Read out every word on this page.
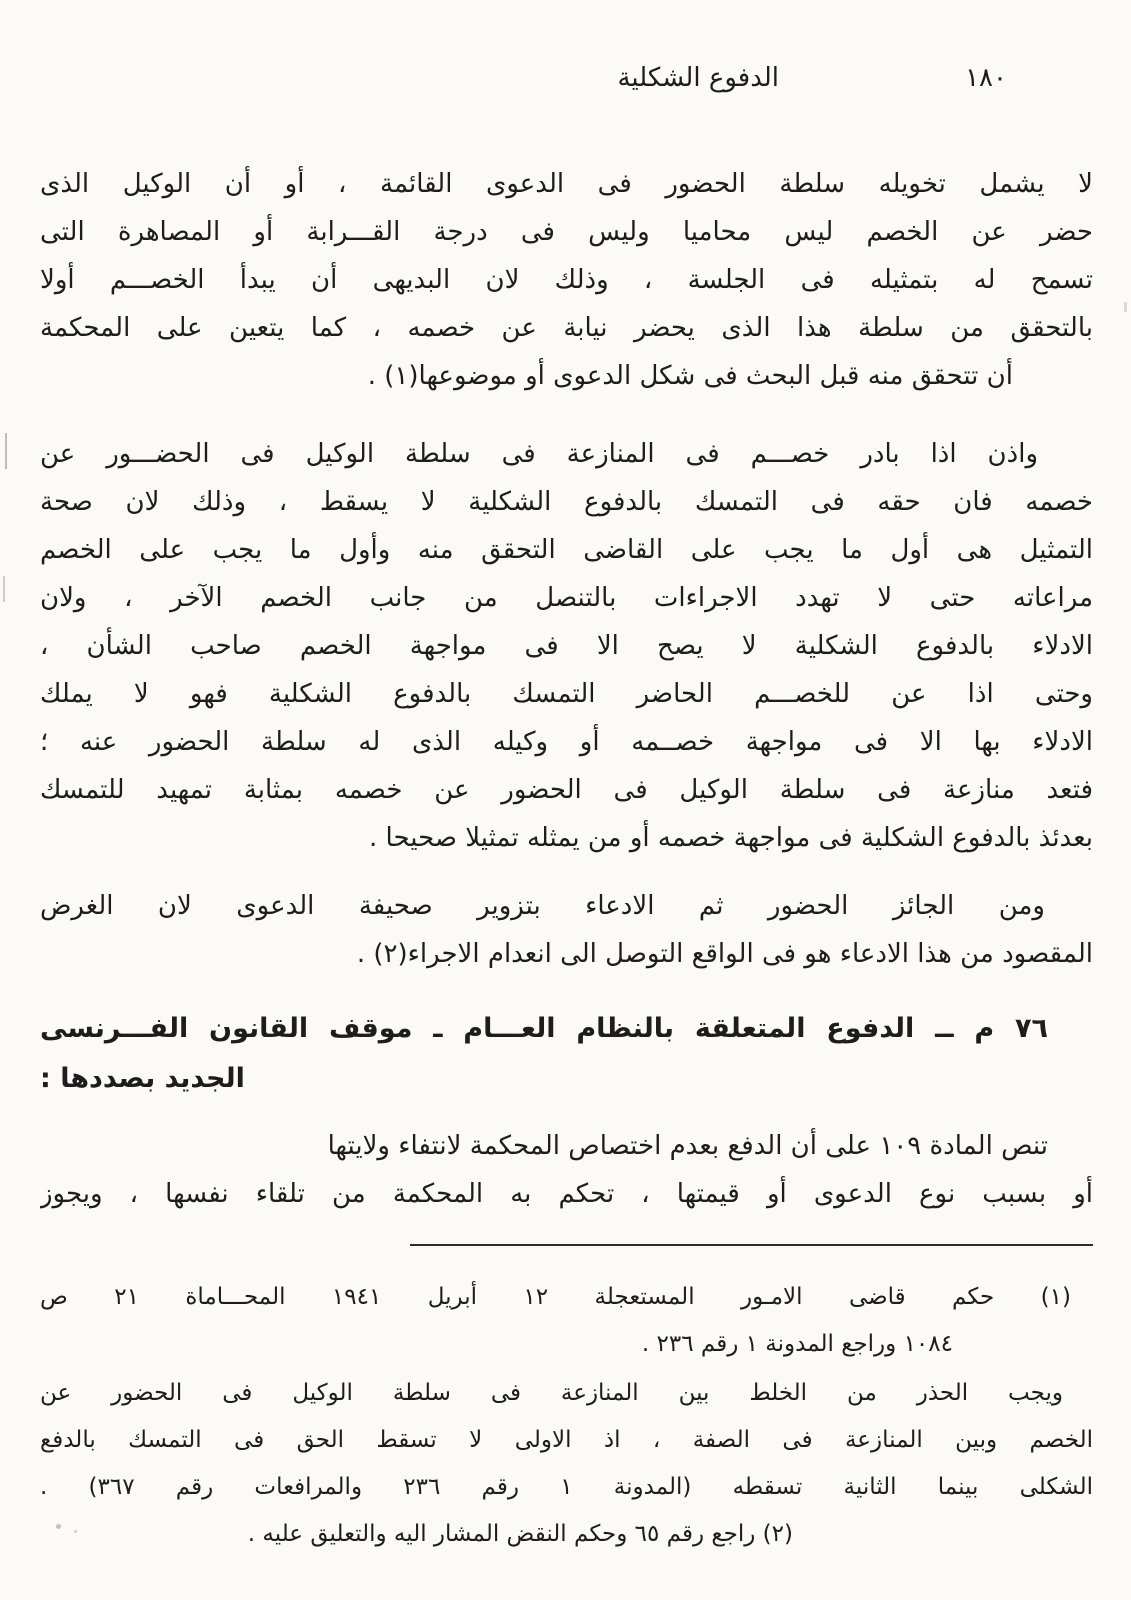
الدفوع الشكلية	١٨٠
لا يشمل تخويله سلطة الحضور فى الدعوى القائمة ، أو أن الوكيل الذى
حضر عن الخصم ليس محاميا وليس فى درجة القـــرابة أو المصاهرة التى
تسمح له بتمثيله فى الجلسة ، وذلك لان البديهى أن يبدأ الخصـــم أولا
بالتحقق من سلطة هذا الذى يحضر نيابة عن خصمه ، كما يتعين على المحكمة
أن تتحقق منه قبل البحث فى شكل الدعوى أو موضوعها(١) .
واذن اذا بادر خصـــم فى المنازعة فى سلطة الوكيل فى الحضـــور عن
خصمه فان حقه فى التمسك بالدفوع الشكلية لا يسقط ، وذلك لان صحة
التمثيل هى أول ما يجب على القاضى التحقق منه وأول ما يجب على الخصم
مراعاته حتى لا تهدد الاجراءات بالتنصل من جانب الخصم الآخر ، ولان
الادلاء بالدفوع الشكلية لا يصح الا فى مواجهة الخصم صاحب الشأن ،
وحتى اذا عن للخصـــم الحاضر التمسك بالدفوع الشكلية فهو لا يملك
الادلاء بها الا فى مواجهة خصــمه أو وكيله الذى له سلطة الحضور عنه ؛
فتعد منازعة فى سلطة الوكيل فى الحضور عن خصمه بمثابة تمهيد للتمسك
بعدئذ بالدفوع الشكلية فى مواجهة خصمه أو من يمثله تمثيلا صحيحا .
ومن الجائز الحضور ثم الادعاء بتزوير صحيفة الدعوى لان الغرض
المقصود من هذا الادعاء هو فى الواقع التوصل الى انعدام الاجراء(٢) .
٧٦ م ــ الدفوع المتعلقة بالنظام العـــام ـ موقف القانون الفـــرنسى
الجديد بصددها :
تنص المادة ١٠٩ على أن الدفع بعدم اختصاص المحكمة لانتفاء ولايتها
أو بسبب نوع الدعوى أو قيمتها ، تحكم به المحكمة من تلقاء نفسها ، ويجوز
(١) حكم قاضى الامـور المستعجلة ١٢ أبريل ١٩٤١ المحـــاماة ٢١ ص
١٠٨٤ وراجع المدونة ١ رقم ٢٣٦ .
ويجب الحذر من الخلط بين المنازعة فى سلطة الوكيل فى الحضور عن
الخصم وبين المنازعة فى الصفة ، اذ الاولى لا تسقط الحق فى التمسك بالدفع
الشكلى بينما الثانية تسقطه (المدونة ١ رقم ٢٣٦ والمرافعات رقم ٣٦٧) .
(٢) راجع رقم ٦٥ وحكم النقض المشار اليه والتعليق عليه .
